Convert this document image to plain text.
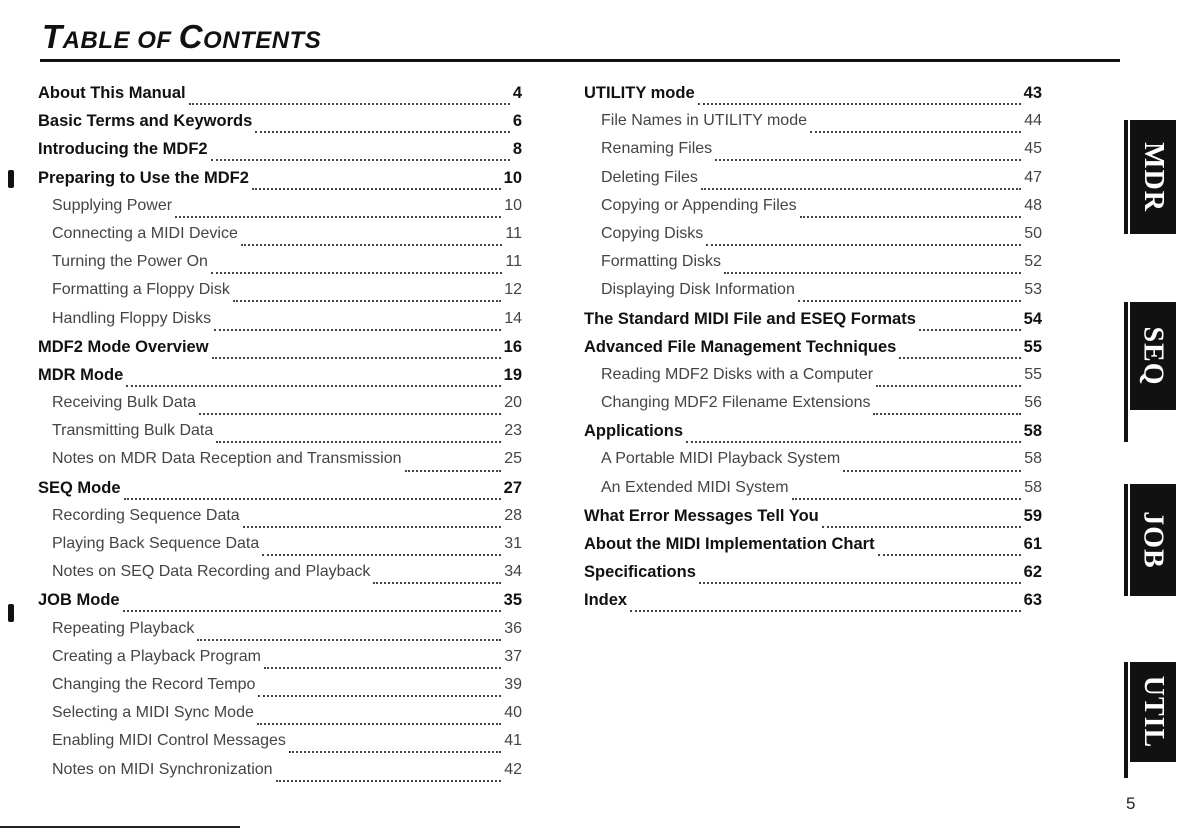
TABLE OF CONTENTS
About This Manual	4
Basic Terms and Keywords	6
Introducing the MDF2	8
Preparing to Use the MDF2	10
Supplying Power	10
Connecting a MIDI Device	11
Turning the Power On	11
Formatting a Floppy Disk	12
Handling Floppy Disks	14
MDF2 Mode Overview	16
MDR Mode	19
Receiving Bulk Data	20
Transmitting Bulk Data	23
Notes on MDR Data Reception and Transmission	25
SEQ Mode	27
Recording Sequence Data	28
Playing Back Sequence Data	31
Notes on SEQ Data Recording and Playback	34
JOB Mode	35
Repeating Playback	36
Creating a Playback Program	37
Changing the Record Tempo	39
Selecting a MIDI Sync Mode	40
Enabling MIDI Control Messages	41
Notes on MIDI Synchronization	42
UTILITY mode	43
File Names in UTILITY mode	44
Renaming Files	45
Deleting Files	47
Copying or Appending Files	48
Copying Disks	50
Formatting Disks	52
Displaying Disk Information	53
The Standard MIDI File and ESEQ Formats	54
Advanced File Management Techniques	55
Reading MDF2 Disks with a Computer	55
Changing MDF2 Filename Extensions	56
Applications	58
A Portable MIDI Playback System	58
An Extended MIDI System	58
What Error Messages Tell You	59
About the MIDI Implementation Chart	61
Specifications	62
Index	63
MDR
SEQ
JOB
UTIL
5
